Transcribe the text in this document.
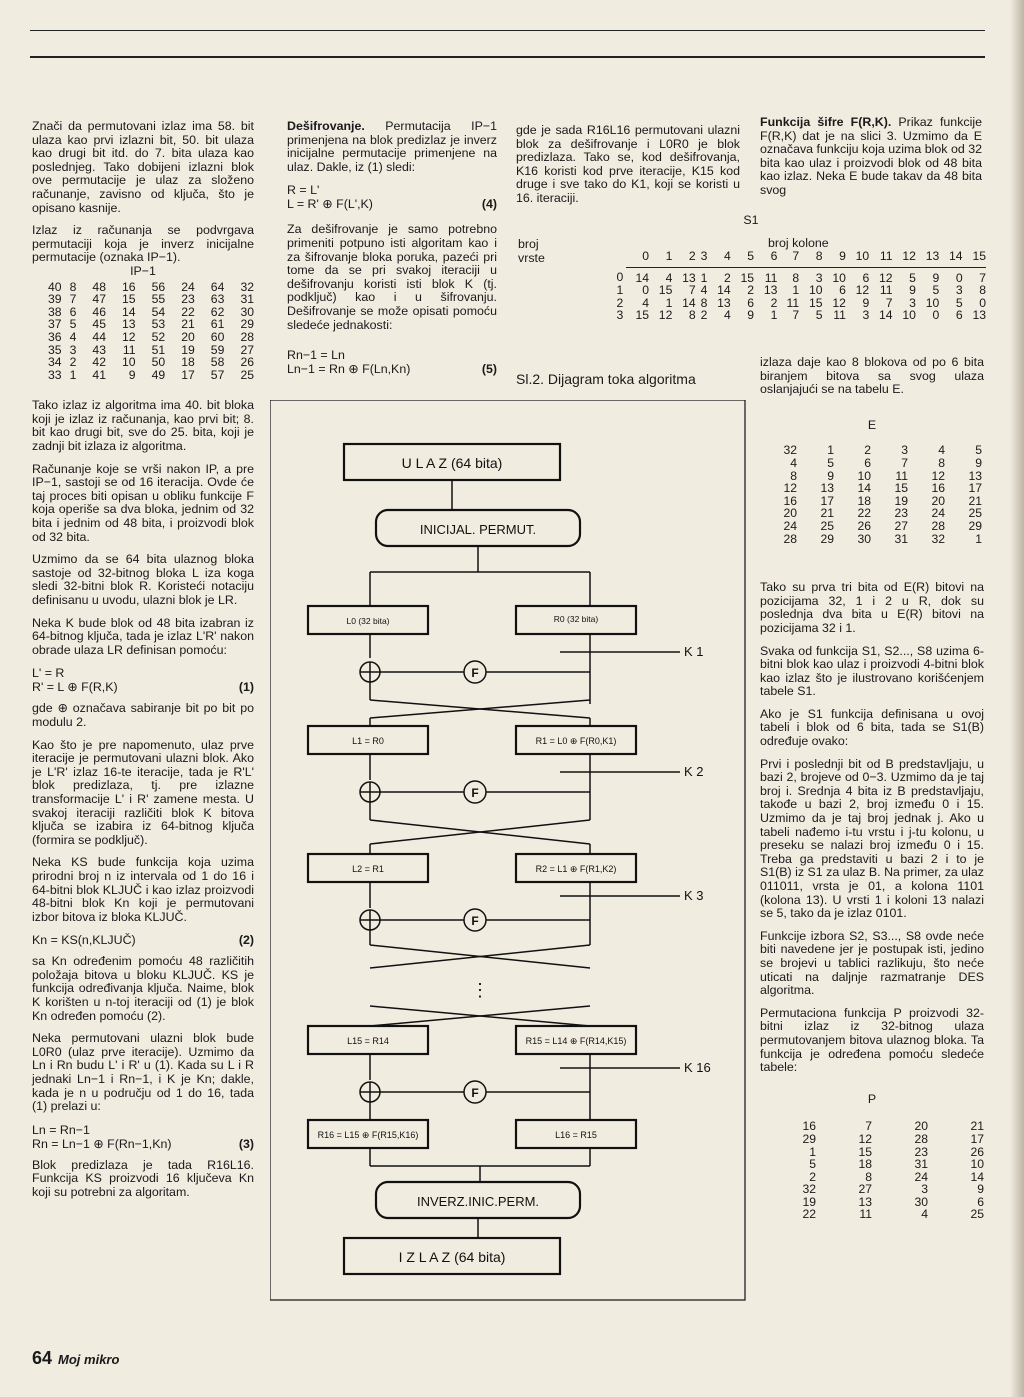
Znači da permutovani izlaz ima 58. bit ulaza kao prvi izlazni bit, 50. bit ulaza kao drugi bit itd. do 7. bita ulaza kao poslednjeg. Tako dobijeni izlazni blok ove permutacije je ulaz za složeno računanje, zavisno od ključa, što je opisano kasnije.

Izlaz iz računanja se podvrgava permutaciji koja je inverz inicijalne permutacije (oznaka IP−1).

IP−1
40	8	48	16	56	24	64	32
39	7	47	15	55	23	63	31
38	6	46	14	54	22	62	30
37	5	45	13	53	21	61	29
36	4	44	12	52	20	60	28
35	3	43	11	51	19	59	27
34	2	42	10	50	18	58	26
33	1	41	9	49	17	57	25

Tako izlaz iz algoritma ima 40. bit bloka koji je izlaz iz računanja, kao prvi bit; 8. bit kao drugi bit, sve do 25. bita, koji je zadnji bit izlaza iz algoritma.

Računanje koje se vrši nakon IP, a pre IP−1, sastoji se od 16 iteracija. Ovde će taj proces biti opisan u obliku funkcije F koja operiše sa dva bloka, jednim od 32 bita i jednim od 48 bita, i proizvodi blok od 32 bita.

Uzmimo da se 64 bita ulaznog bloka sastoje od 32-bitnog bloka L iza koga sledi 32-bitni blok R. Koristeći notaciju definisanu u uvodu, ulazni blok je LR.

Neka K bude blok od 48 bita izabran iz 64-bitnog ključa, tada je izlaz L'R' nakon obrade ulaza LR definisan pomoću:

L' = R
R' = L ⊕ F(R,K)	(1)

gde ⊕ označava sabiranje bit po bit po modulu 2.

Kao što je pre napomenuto, ulaz prve iteracije je permutovani ulazni blok. Ako je L'R' izlaz 16-te iteracije, tada je R'L' blok predizlaza, tj. pre izlazne transformacije L' i R' zamene mesta. U svakoj iteraciji različiti blok K bitova ključa se izabira iz 64-bitnog ključa (formira se podključ).

Neka KS bude funkcija koja uzima prirodni broj n iz intervala od 1 do 16 i 64-bitni blok KLJUČ i kao izlaz proizvodi 48-bitni blok Kn koji je permutovani izbor bitova iz bloka KLJUČ.

Kn = KS(n,KLJUČ)	(2)

sa Kn određenim pomoću 48 različitih položaja bitova u bloku KLJUČ. KS je funkcija određivanja ključa. Naime, blok K korišten u n-toj iteraciji od (1) je blok Kn određen pomoću (2).

Neka permutovani ulazni blok bude L0R0 (ulaz prve iteracije). Uzmimo da Ln i Rn budu L' i R' u (1). Kada su L i R jednaki Ln−1 i Rn−1, i K je Kn; dakle, kada je n u području od 1 do 16, tada (1) prelazi u:

Ln = Rn−1
Rn = Ln−1 ⊕ F(Rn−1,Kn)	(3)

Blok predizlaza je tada R16L16. Funkcija KS proizvodi 16 ključeva Kn koji su potrebni za algoritam.

Dešifrovanje. Permutacija IP−1 primenjena na blok predizlaz je inverz inicijalne permutacije primenjene na ulaz. Dakle, iz (1) sledi:

R = L'
L = R' ⊕ F(L',K)	(4)

Za dešifrovanje je samo potrebno primeniti potpuno isti algoritam kao i za šifrovanje bloka poruka, pazeći pri tome da se pri svakoj iteraciji u dešifrovanju koristi isti blok K (tj. podključ) kao i u šifrovanju. Dešifrovanje se može opisati pomoću sledeće jednakosti:

Rn−1 = Ln
Ln−1 = Rn ⊕ F(Ln,Kn)	(5)

gde je sada R16L16 permutovani ulazni blok za dešifrovanje i L0R0 je blok predizlaza. Tako se, kod dešifrovanja, K16 koristi kod prve iteracije, K15 kod druge i sve tako do K1, koji se koristi u 16. iteraciji.

Funkcija šifre F(R,K). Prikaz funkcije F(R,K) dat je na slici 3. Uzmimo da E označava funkciju koja uzima blok od 32 bita kao ulaz i proizvodi blok od 48 bita kao izlaz. Neka E bude takav da 48 bita svog

S1
broj
vrste
broj kolone
	0	1	2	3	4	5	6	7	8	9	10	11	12	13	14	15
0	14	4	13	1	2	15	11	8	3	10	6	12	5	9	0	7
1	0	15	7	4	14	2	13	1	10	6	12	11	9	5	3	8
2	4	1	14	8	13	6	2	11	15	12	9	7	3	10	5	0
3	15	12	8	2	4	9	1	7	5	11	3	14	10	0	6	13
Sl.2. Dijagram toka algoritma

izlaza daje kao 8 blokova od po 6 bita biranjem bitova sa svog ulaza oslanjajući se na tabelu E.

E
32	1	2	3	4	5
4	5	6	7	8	9
8	9	10	11	12	13
12	13	14	15	16	17
16	17	18	19	20	21
20	21	22	23	24	25
24	25	26	27	28	29
28	29	30	31	32	1

Tako su prva tri bita od E(R) bitovi na pozicijama 32, 1 i 2 u R, dok su poslednja dva bita u E(R) bitovi na pozicijama 32 i 1.

Svaka od funkcija S1, S2..., S8 uzima 6-bitni blok kao ulaz i proizvodi 4-bitni blok kao izlaz što je ilustrovano korišćenjem tabele S1.

Ako je S1 funkcija definisana u ovoj tabeli i blok od 6 bita, tada se S1(B) određuje ovako:

Prvi i poslednji bit od B predstavljaju, u bazi 2, brojeve od 0−3. Uzmimo da je taj broj i. Srednja 4 bita iz B predstavljaju, takođe u bazi 2, broj između 0 i 15. Uzmimo da je taj broj jednak j. Ako u tabeli nađemo i-tu vrstu i j-tu kolonu, u preseku se nalazi broj između 0 i 15. Treba ga predstaviti u bazi 2 i to je S1(B) iz S1 za ulaz B. Na primer, za ulaz 011011, vrsta je 01, a kolona 1101 (kolona 13). U vrsti 1 i koloni 13 nalazi se 5, tako da je izlaz 0101.

Funkcije izbora S2, S3..., S8 ovde neće biti navedene jer je postupak isti, jedino se brojevi u tablici razlikuju, što neće uticati na daljnje razmatranje DES algoritma.

Permutaciona funkcija P proizvodi 32-bitni izlaz iz 32-bitnog ulaza permutovanjem bitova ulaznog bloka. Ta funkcija je određena pomoću sledeće tabele:

P
16	7	20	21
29	12	28	17
1	15	23	26
5	18	31	10
2	8	24	14
32	27	3	9
19	13	30	6
22	11	4	25
U L A Z (64 bita)
INICIJAL. PERMUT.
L0 (32 bita)	R0 (32 bita)
F
K 1
L1 = R0	R1 = L0 ⊕ F(R0,K1)
F
K 2
L2 = R1	R2 = L1 ⊕ F(R1,K2)
F
K 3
⋮
L15 = R14	R15 = L14 ⊕ F(R14,K15)
F
K 16
R16 = L15 ⊕ F(R15,K16)	L16 = R15
INVERZ.INIC.PERM.
I Z L A Z (64 bita)
64 Moj mikro
